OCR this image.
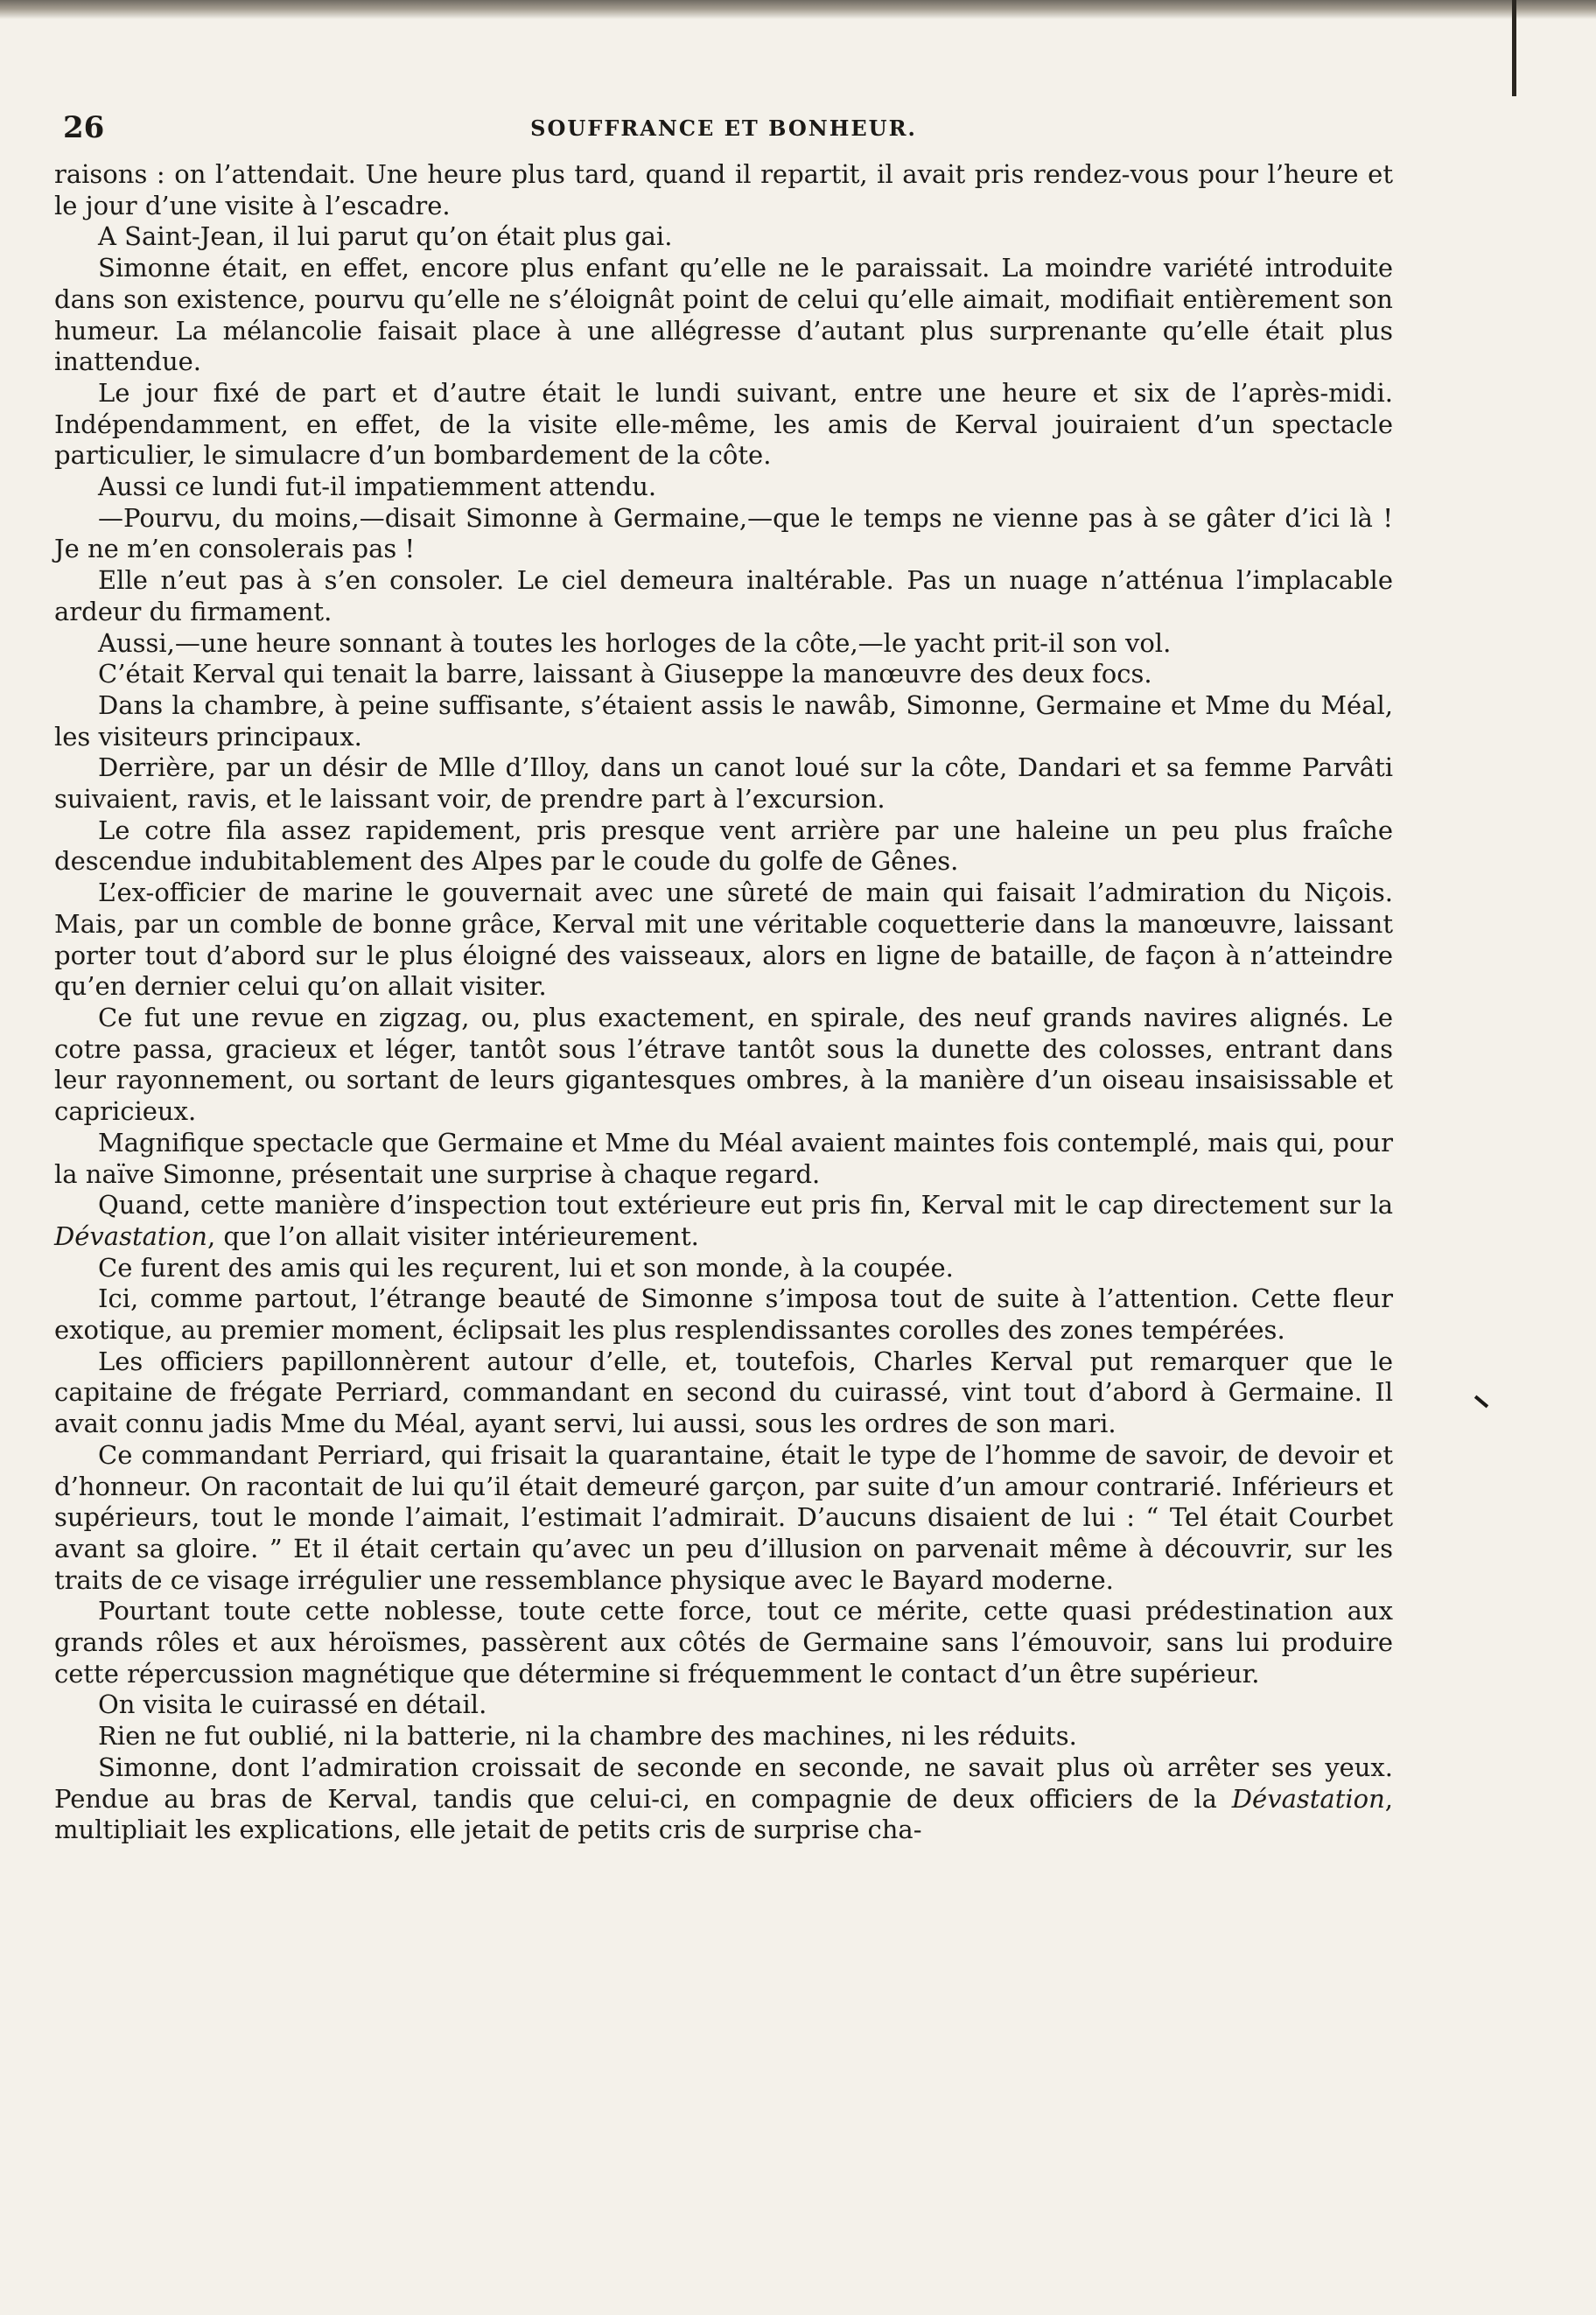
26	SOUFFRANCE ET BONHEUR.

raisons : on l’attendait. Une heure plus tard, quand il repartit, il avait pris rendez-vous pour l’heure et le jour d’une visite à l’escadre.

A Saint-Jean, il lui parut qu’on était plus gai.

Simonne était, en effet, encore plus enfant qu’elle ne le paraissait. La moindre variété introduite dans son existence, pourvu qu’elle ne s’éloignât point de celui qu’elle aimait, modifiait entièrement son humeur. La mélancolie faisait place à une allégresse d’autant plus surprenante qu’elle était plus inattendue.

Le jour fixé de part et d’autre était le lundi suivant, entre une heure et six de l’après-midi. Indépendamment, en effet, de la visite elle-même, les amis de Kerval jouiraient d’un spectacle particulier, le simulacre d’un bombardement de la côte.

Aussi ce lundi fut-il impatiemment attendu.

—Pourvu, du moins,—disait Simonne à Germaine,—que le temps ne vienne pas à se gâter d’ici là ! Je ne m’en consolerais pas !

Elle n’eut pas à s’en consoler. Le ciel demeura inaltérable. Pas un nuage n’atténua l’implacable ardeur du firmament.

Aussi,—une heure sonnant à toutes les horloges de la côte,—le yacht prit-il son vol.

C’était Kerval qui tenait la barre, laissant à Giuseppe la manœuvre des deux focs.

Dans la chambre, à peine suffisante, s’étaient assis le nawâb, Simonne, Germaine et Mme du Méal, les visiteurs principaux.

Derrière, par un désir de Mlle d’Illoy, dans un canot loué sur la côte, Dandari et sa femme Parvâti suivaient, ravis, et le laissant voir, de prendre part à l’excursion.

Le cotre fila assez rapidement, pris presque vent arrière par une haleine un peu plus fraîche descendue indubitablement des Alpes par le coude du golfe de Gênes.

L’ex-officier de marine le gouvernait avec une sûreté de main qui faisait l’admiration du Niçois. Mais, par un comble de bonne grâce, Kerval mit une véritable coquetterie dans la manœuvre, laissant porter tout d’abord sur le plus éloigné des vaisseaux, alors en ligne de bataille, de façon à n’atteindre qu’en dernier celui qu’on allait visiter.

Ce fut une revue en zigzag, ou, plus exactement, en spirale, des neuf grands navires alignés. Le cotre passa, gracieux et léger, tantôt sous l’étrave tantôt sous la dunette des colosses, entrant dans leur rayonnement, ou sortant de leurs gigantesques ombres, à la manière d’un oiseau insaisissable et capricieux.

Magnifique spectacle que Germaine et Mme du Méal avaient maintes fois contemplé, mais qui, pour la naïve Simonne, présentait une surprise à chaque regard.

Quand, cette manière d’inspection tout extérieure eut pris fin, Kerval mit le cap directement sur la Dévastation, que l’on allait visiter intérieurement.

Ce furent des amis qui les reçurent, lui et son monde, à la coupée.

Ici, comme partout, l’étrange beauté de Simonne s’imposa tout de suite à l’attention. Cette fleur exotique, au premier moment, éclipsait les plus resplendissantes corolles des zones tempérées.

Les officiers papillonnèrent autour d’elle, et, toutefois, Charles Kerval put remarquer que le capitaine de frégate Perriard, commandant en second du cuirassé, vint tout d’abord à Germaine. Il avait connu jadis Mme du Méal, ayant servi, lui aussi, sous les ordres de son mari.

Ce commandant Perriard, qui frisait la quarantaine, était le type de l’homme de savoir, de devoir et d’honneur. On racontait de lui qu’il était demeuré garçon, par suite d’un amour contrarié. Inférieurs et supérieurs, tout le monde l’aimait, l’estimait l’admirait. D’aucuns disaient de lui : “ Tel était Courbet avant sa gloire. ” Et il était certain qu’avec un peu d’illusion on parvenait même à découvrir, sur les traits de ce visage irrégulier une ressemblance physique avec le Bayard moderne.

Pourtant toute cette noblesse, toute cette force, tout ce mérite, cette quasi prédestination aux grands rôles et aux héroïsmes, passèrent aux côtés de Germaine sans l’émouvoir, sans lui produire cette répercussion magnétique que détermine si fréquemment le contact d’un être supérieur.

On visita le cuirassé en détail.

Rien ne fut oublié, ni la batterie, ni la chambre des machines, ni les réduits.

Simonne, dont l’admiration croissait de seconde en seconde, ne savait plus où arrêter ses yeux. Pendue au bras de Kerval, tandis que celui-ci, en compagnie de deux officiers de la Dévastation, multipliait les explications, elle jetait de petits cris de surprise cha-
